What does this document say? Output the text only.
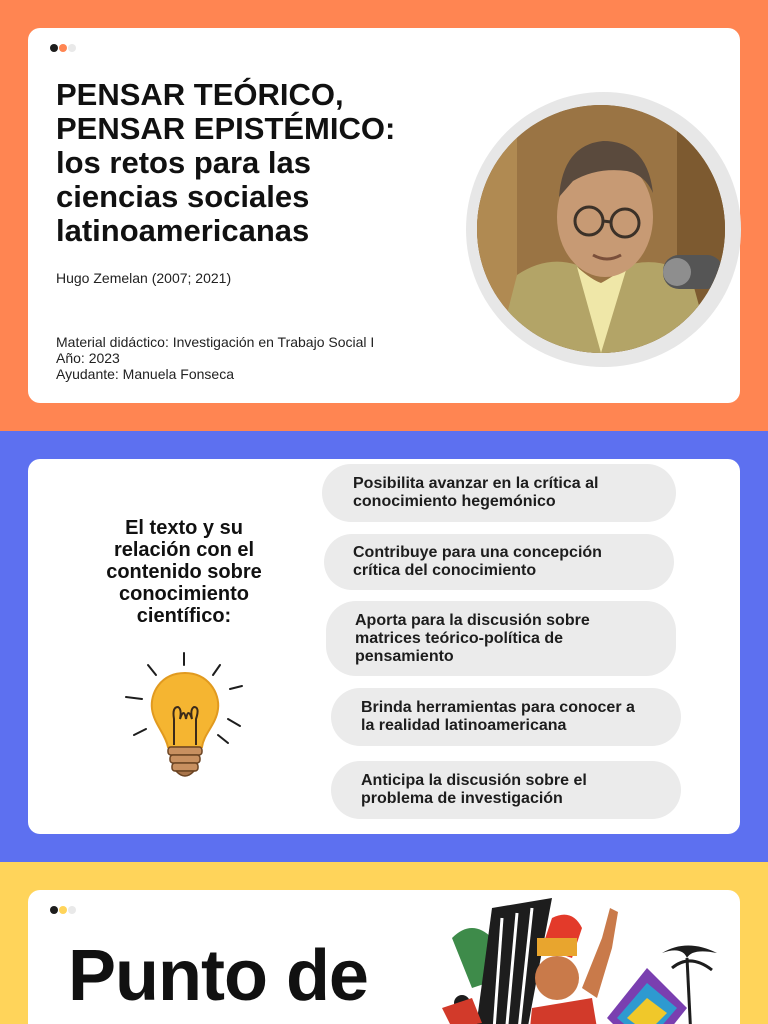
PENSAR TEÓRICO,
PENSAR EPISTÉMICO:
los retos para las
ciencias sociales
latinoamericanas
Hugo Zemelan (2007; 2021)
Material didáctico: Investigación en Trabajo Social I
Año: 2023
Ayudante: Manuela Fonseca
El texto y su
relación con el
contenido sobre
conocimiento
científico:
Posibilita avanzar en la crítica al
conocimiento hegemónico
Contribuye para una concepción
crítica del conocimiento
Aporta para la discusión sobre
matrices teórico-política de
pensamiento
Brinda herramientas para conocer a
la realidad latinoamericana
Anticipa la discusión sobre el
problema de investigación
Punto de
